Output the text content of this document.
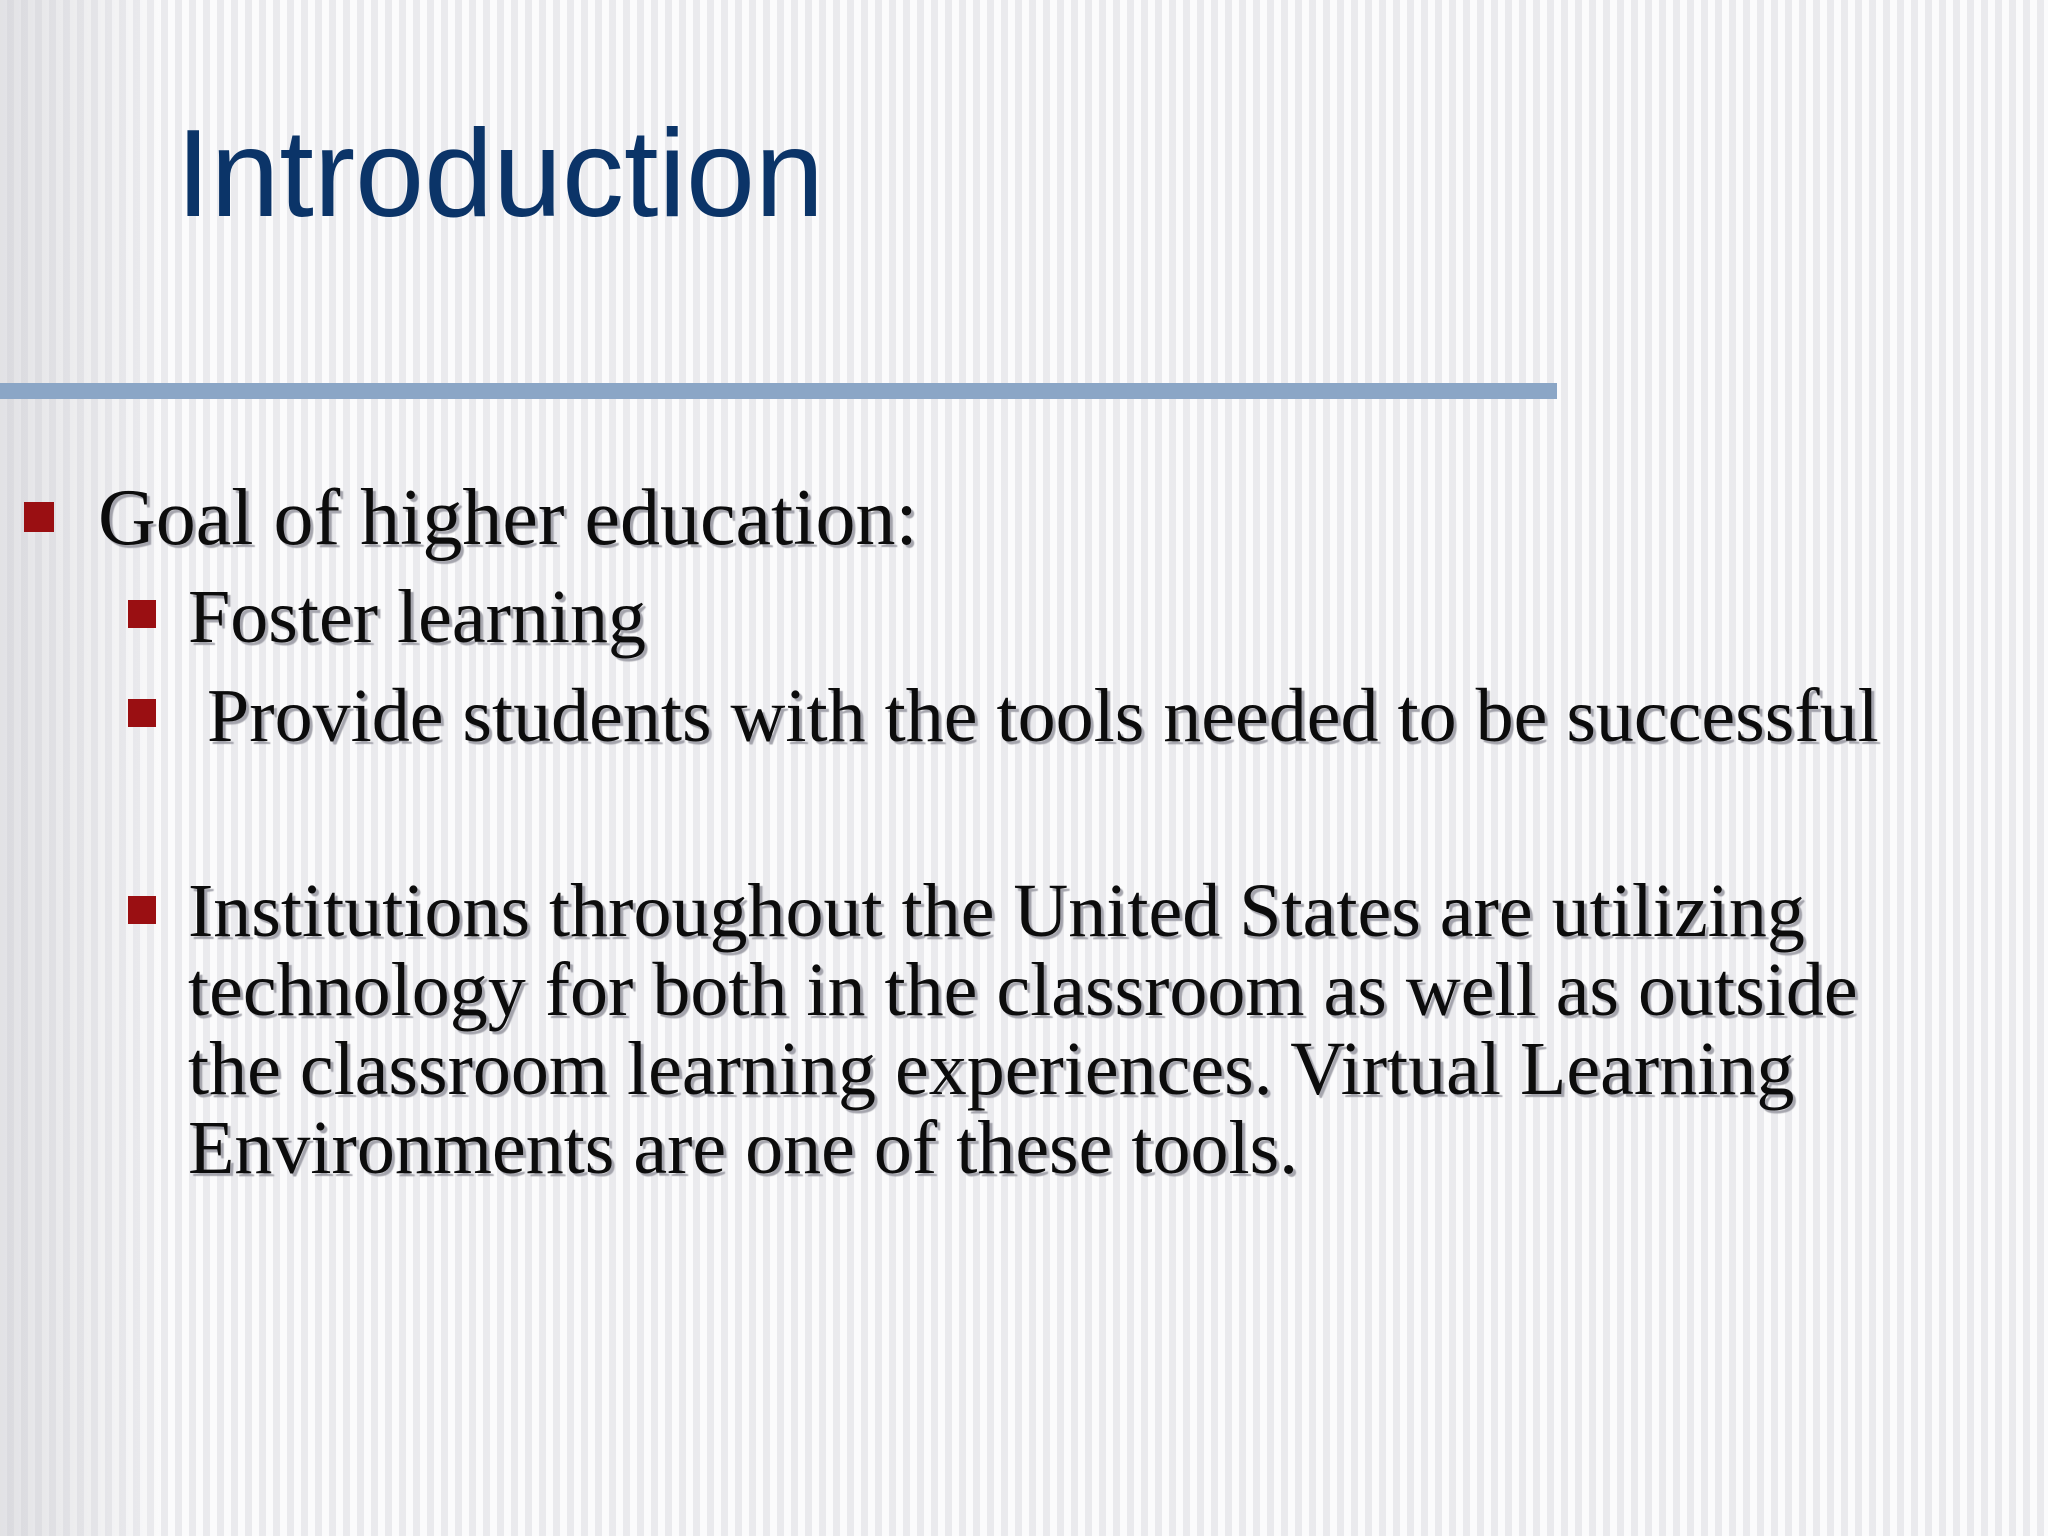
Introduction

Goal of higher education:

Foster learning

Provide students with the tools needed to be successful

Institutions throughout the United States are utilizing technology for both in the classroom as well as outside the classroom learning experiences. Virtual Learning Environments are one of these tools.
